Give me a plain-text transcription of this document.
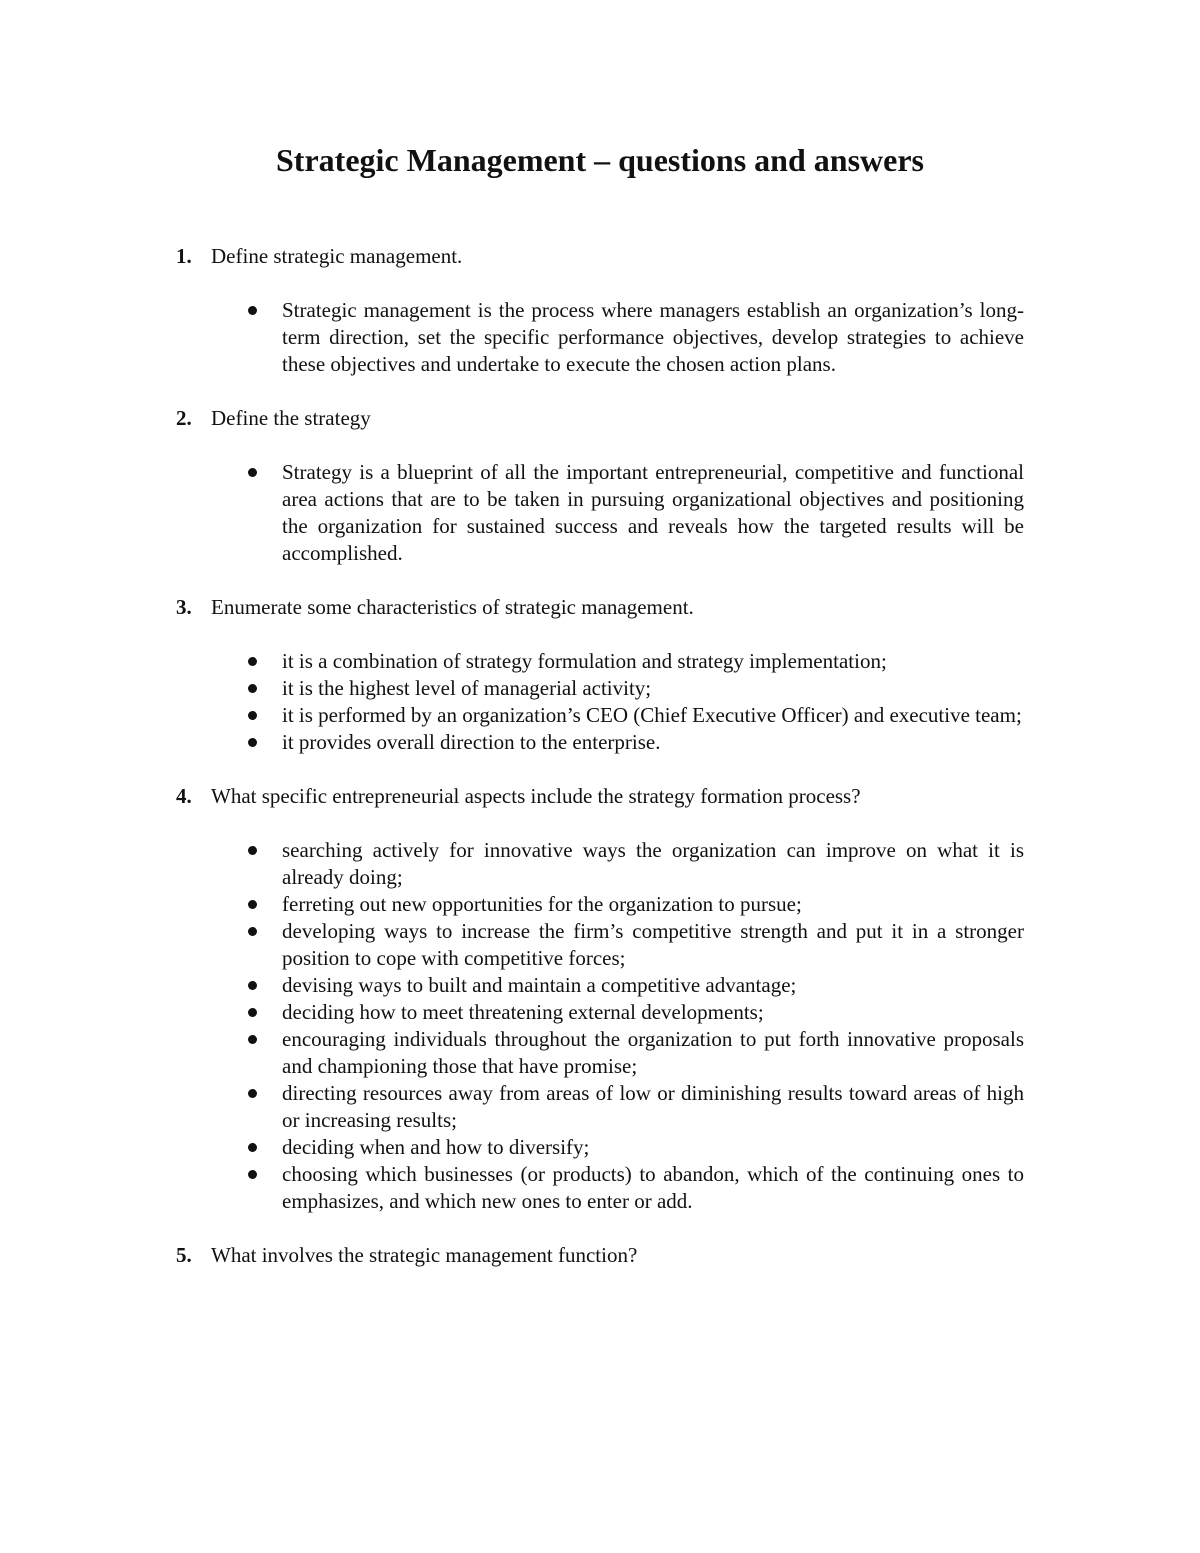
Strategic Management – questions and answers
1. Define strategic management.
Strategic management is the process where managers establish an organization’s long-term direction, set the specific performance objectives, develop strategies to achieve these objectives and undertake to execute the chosen action plans.
2. Define the strategy
Strategy is a blueprint of all the important entrepreneurial, competitive and functional area actions that are to be taken in pursuing organizational objectives and positioning the organization for sustained success and reveals how the targeted results will be accomplished.
3. Enumerate some characteristics of strategic management.
it is a combination of strategy formulation and strategy implementation;
it is the highest level of managerial activity;
it is performed by an organization’s CEO (Chief Executive Officer) and executive team;
it provides overall direction to the enterprise.
4. What specific entrepreneurial aspects include the strategy formation process?
searching actively for innovative ways the organization can improve on what it is already doing;
ferreting out new opportunities for the organization to pursue;
developing ways to increase the firm’s competitive strength and put it in a stronger position to cope with competitive forces;
devising ways to built and maintain a competitive advantage;
deciding how to meet threatening external developments;
encouraging individuals throughout the organization to put forth innovative proposals and championing those that have promise;
directing resources away from areas of low or diminishing results toward areas of high or increasing results;
deciding when and how to diversify;
choosing which businesses (or products) to abandon, which of the continuing ones to emphasizes, and which new ones to enter or add.
5. What involves the strategic management function?
